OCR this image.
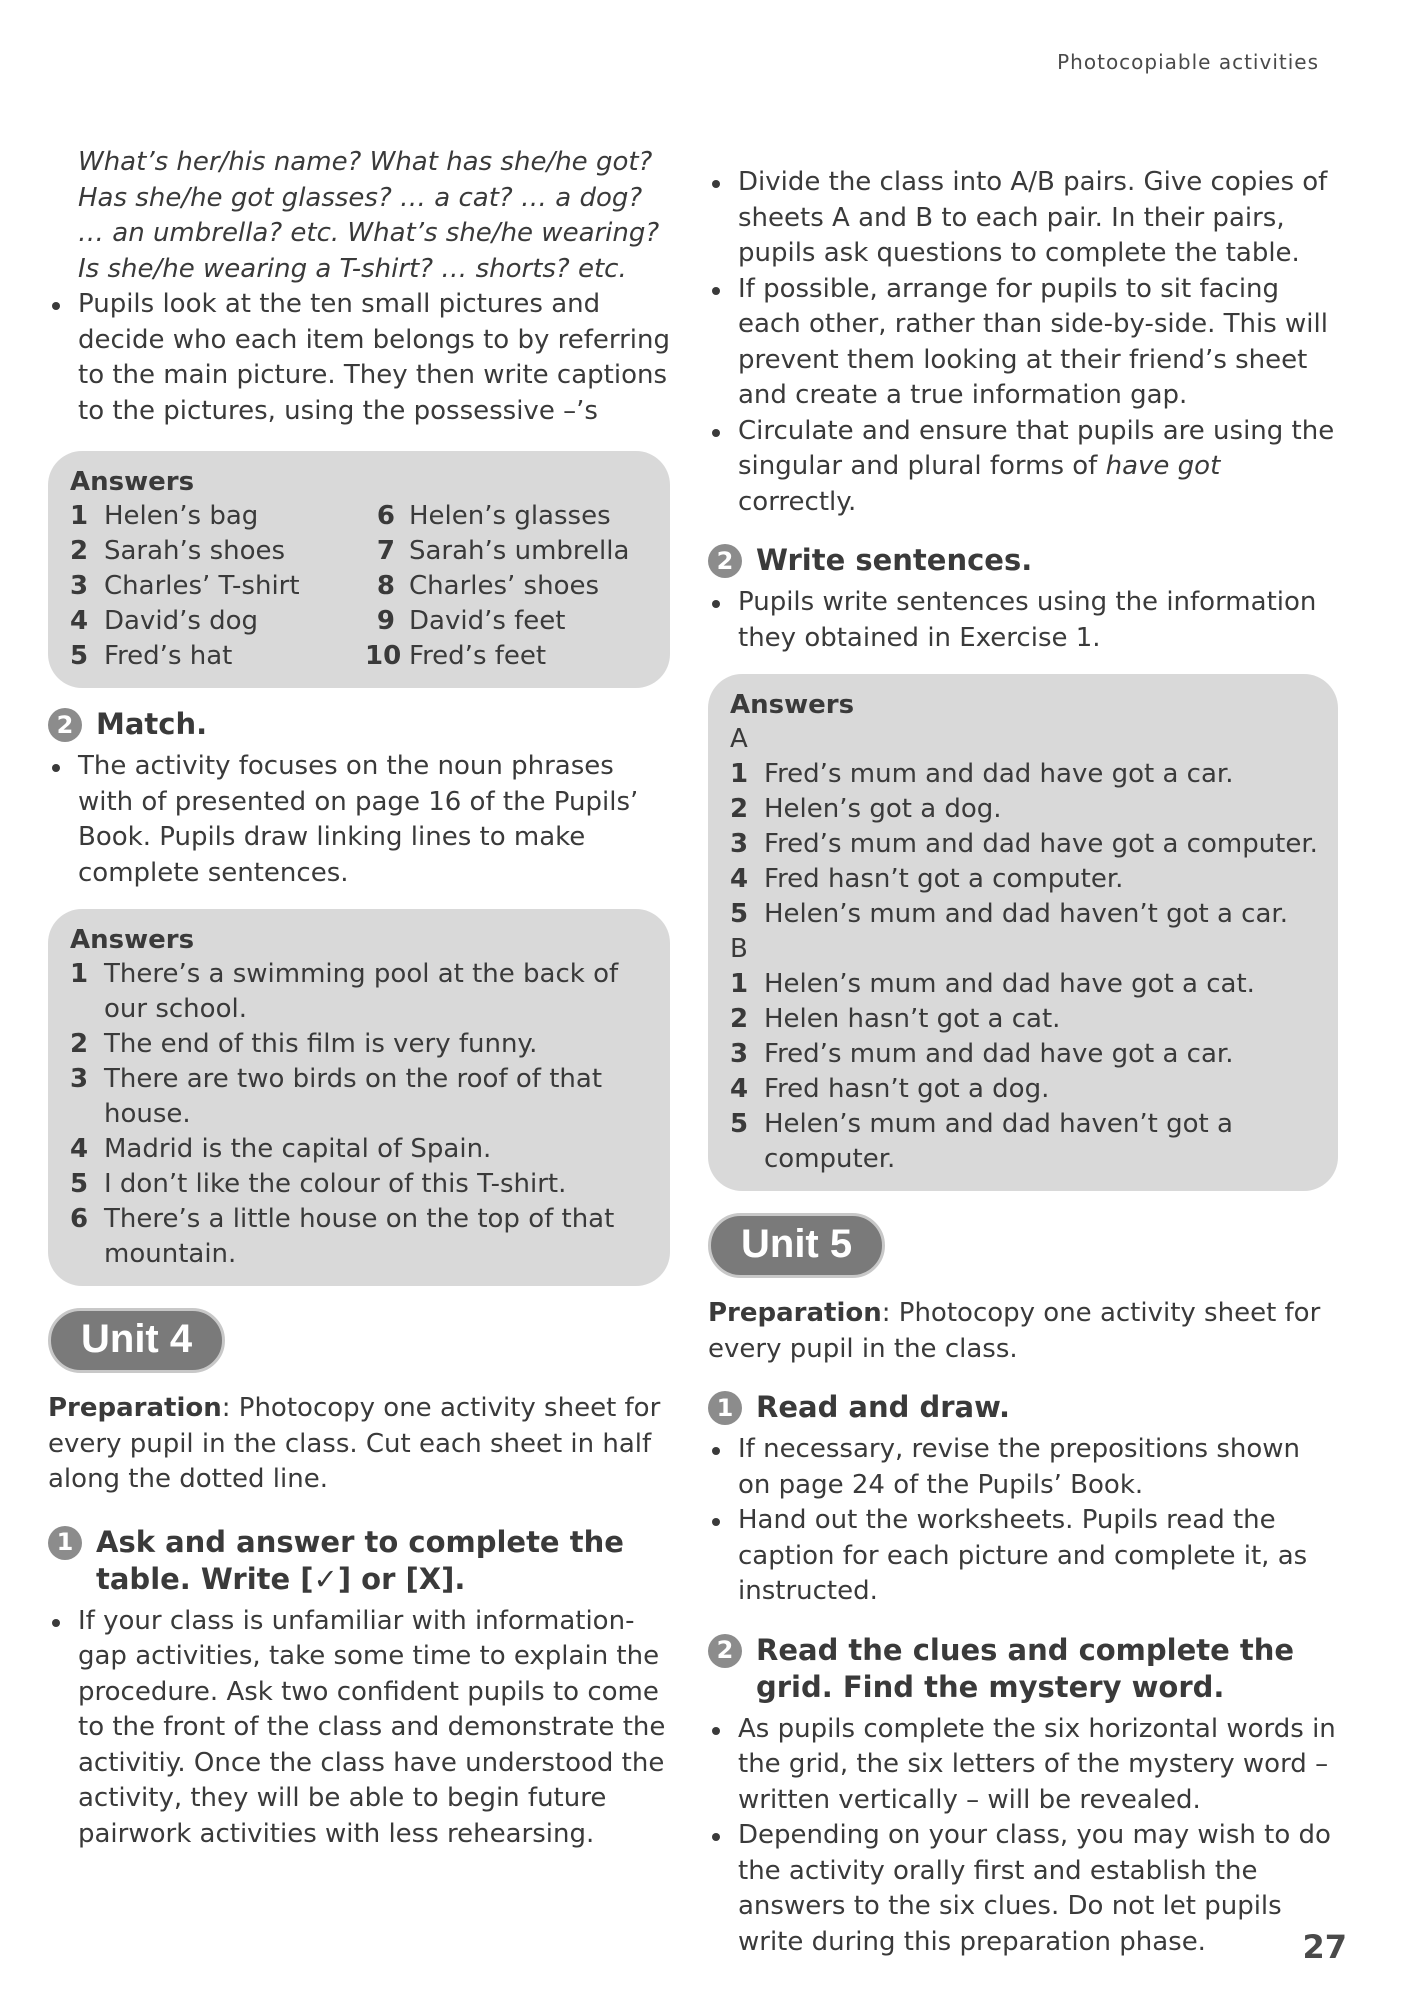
Photocopiable activities

What’s her/his name? What has she/he got? Has she/he got glasses? … a cat? … a dog? … an umbrella? etc. What’s she/he wearing? Is she/he wearing a T-shirt? … shorts? etc.

Pupils look at the ten small pictures and decide who each item belongs to by referring to the main picture. They then write captions to the pictures, using the possessive –’s
Answers
1 Helen’s bag
2 Sarah’s shoes
3 Charles’ T-shirt
4 David’s dog
5 Fred’s hat
6 Helen’s glasses
7 Sarah’s umbrella
8 Charles’ shoes
9 David’s feet
10 Fred’s feet
2 Match.
The activity focuses on the noun phrases with of presented on page 16 of the Pupils’ Book. Pupils draw linking lines to make complete sentences.
Answers
1 There’s a swimming pool at the back of our school.
2 The end of this film is very funny.
3 There are two birds on the roof of that house.
4 Madrid is the capital of Spain.
5 I don’t like the colour of this T-shirt.
6 There’s a little house on the top of that mountain.
Unit 4

Preparation: Photocopy one activity sheet for every pupil in the class. Cut each sheet in half along the dotted line.

1 Ask and answer to complete the table. Write [✓] or [X].
If your class is unfamiliar with information-gap activities, take some time to explain the procedure. Ask two confident pupils to come to the front of the class and demonstrate the activitiy. Once the class have understood the activity, they will be able to begin future pairwork activities with less rehearsing.
Divide the class into A/B pairs. Give copies of sheets A and B to each pair. In their pairs, pupils ask questions to complete the table.
If possible, arrange for pupils to sit facing each other, rather than side-by-side. This will prevent them looking at their friend’s sheet and create a true information gap.
Circulate and ensure that pupils are using the singular and plural forms of have got correctly.
2 Write sentences.
Pupils write sentences using the information they obtained in Exercise 1.
Answers
A
1 Fred’s mum and dad have got a car.
2 Helen’s got a dog.
3 Fred’s mum and dad have got a computer.
4 Fred hasn’t got a computer.
5 Helen’s mum and dad haven’t got a car.
B
1 Helen’s mum and dad have got a cat.
2 Helen hasn’t got a cat.
3 Fred’s mum and dad have got a car.
4 Fred hasn’t got a dog.
5 Helen’s mum and dad haven’t got a computer.
Unit 5

Preparation: Photocopy one activity sheet for every pupil in the class.

1 Read and draw.
If necessary, revise the prepositions shown on page 24 of the Pupils’ Book.
Hand out the worksheets. Pupils read the caption for each picture and complete it, as instructed.
2 Read the clues and complete the grid. Find the mystery word.
As pupils complete the six horizontal words in the grid, the six letters of the mystery word – written vertically – will be revealed.
Depending on your class, you may wish to do the activity orally first and establish the answers to the six clues. Do not let pupils write during this preparation phase.	27
